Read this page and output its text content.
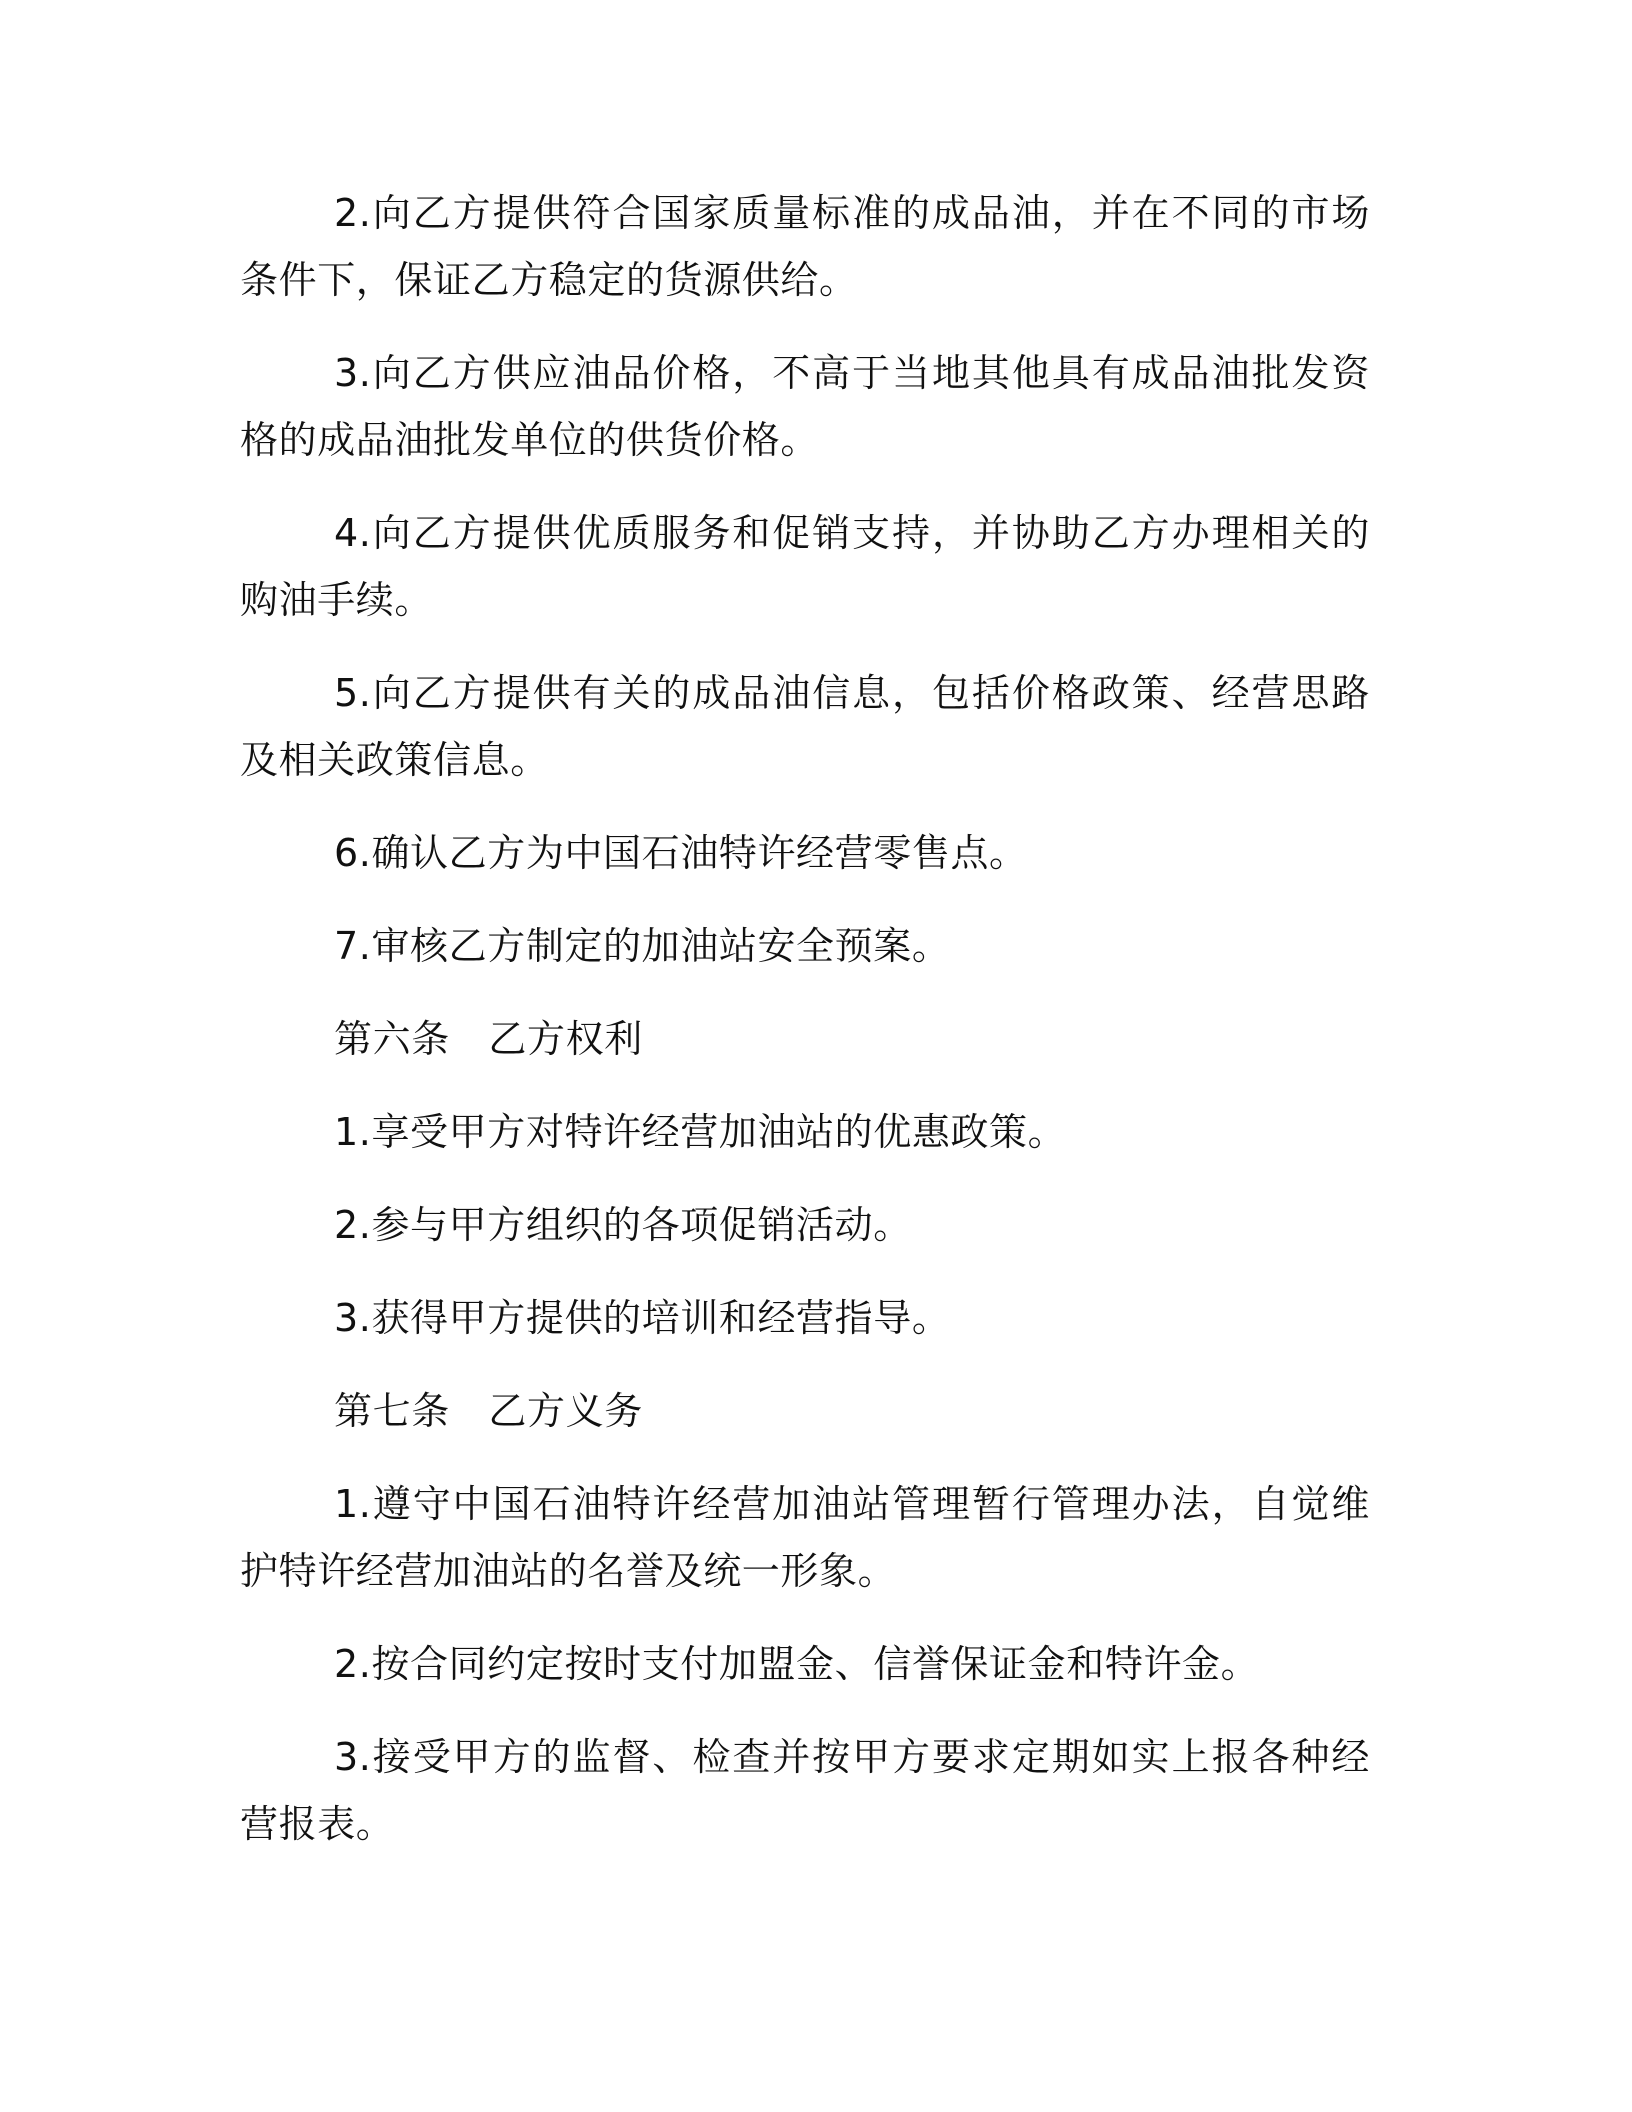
2.向乙方提供符合国家质量标准的成品油，并在不同的市场条件下，保证乙方稳定的货源供给。

3.向乙方供应油品价格，不高于当地其他具有成品油批发资格的成品油批发单位的供货价格。

4.向乙方提供优质服务和促销支持，并协助乙方办理相关的购油手续。

5.向乙方提供有关的成品油信息，包括价格政策、经营思路及相关政策信息。

6.确认乙方为中国石油特许经营零售点。

7.审核乙方制定的加油站安全预案。

第六条　乙方权利

1.享受甲方对特许经营加油站的优惠政策。

2.参与甲方组织的各项促销活动。

3.获得甲方提供的培训和经营指导。

第七条　乙方义务

1.遵守中国石油特许经营加油站管理暂行管理办法，自觉维护特许经营加油站的名誉及统一形象。

2.按合同约定按时支付加盟金、信誉保证金和特许金。

3.接受甲方的监督、检查并按甲方要求定期如实上报各种经营报表。
